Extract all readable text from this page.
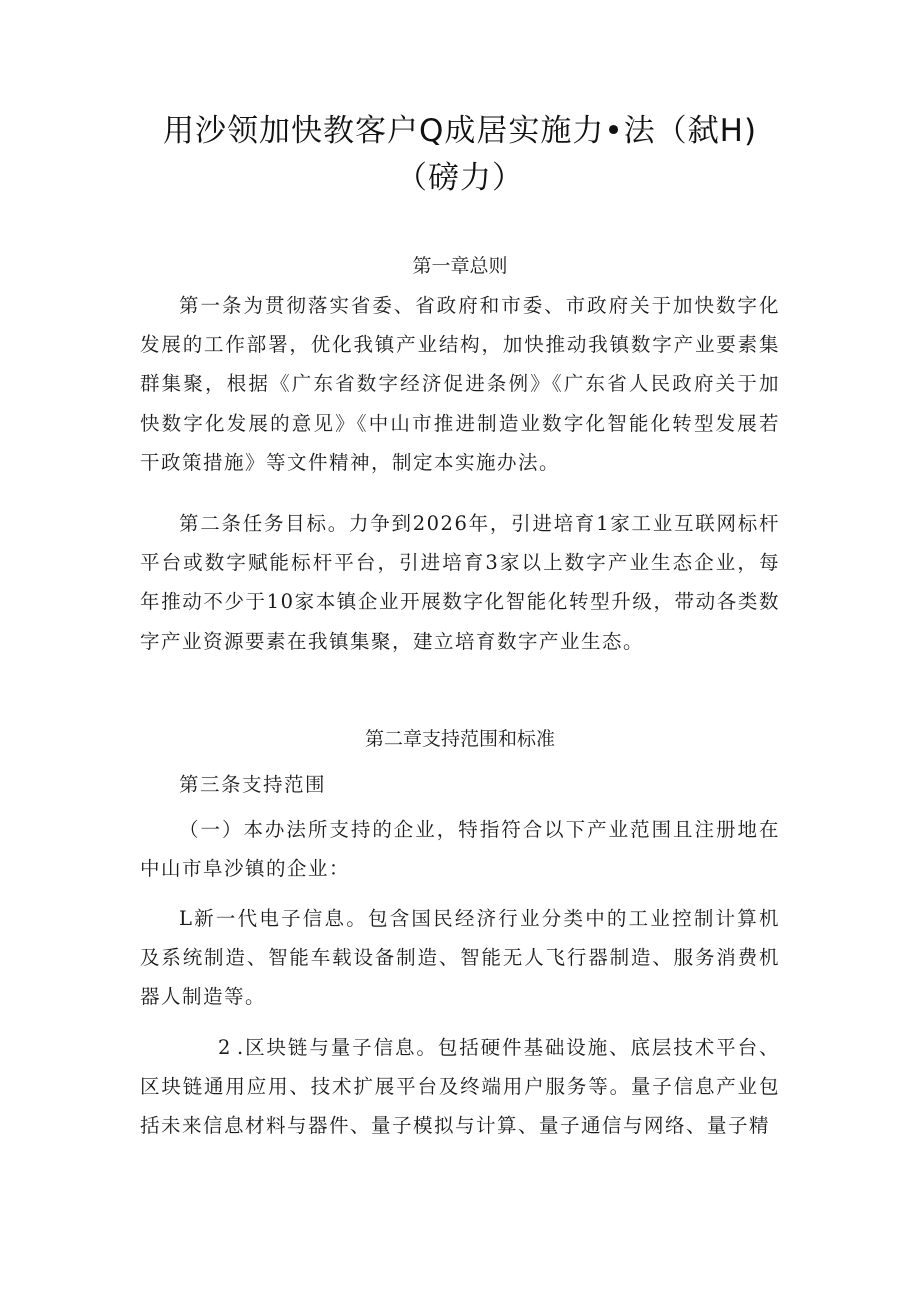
用沙领加快教客户Q成居实施力•法（弑H)
（磅力）
第一章总则
第一条为贯彻落实省委、省政府和市委、市政府关于加快数字化发展的工作部署，优化我镇产业结构，加快推动我镇数字产业要素集群集聚，根据《广东省数字经济促进条例》《广东省人民政府关于加快数字化发展的意见》《中山市推进制造业数字化智能化转型发展若干政策措施》等文件精神，制定本实施办法。
第二条任务目标。力争到2026年，引进培育1家工业互联网标杆平台或数字赋能标杆平台，引进培育3家以上数字产业生态企业，每年推动不少于10家本镇企业开展数字化智能化转型升级，带动各类数字产业资源要素在我镇集聚，建立培育数字产业生态。
第二章支持范围和标准
第三条支持范围
（一）本办法所支持的企业，特指符合以下产业范围且注册地在中山市阜沙镇的企业：
L新一代电子信息。包含国民经济行业分类中的工业控制计算机及系统制造、智能车载设备制造、智能无人飞行器制造、服务消费机器人制造等。
2 .区块链与量子信息。包括硬件基础设施、底层技术平台、区块链通用应用、技术扩展平台及终端用户服务等。量子信息产业包括未来信息材料与器件、量子模拟与计算、量子通信与网络、量子精
